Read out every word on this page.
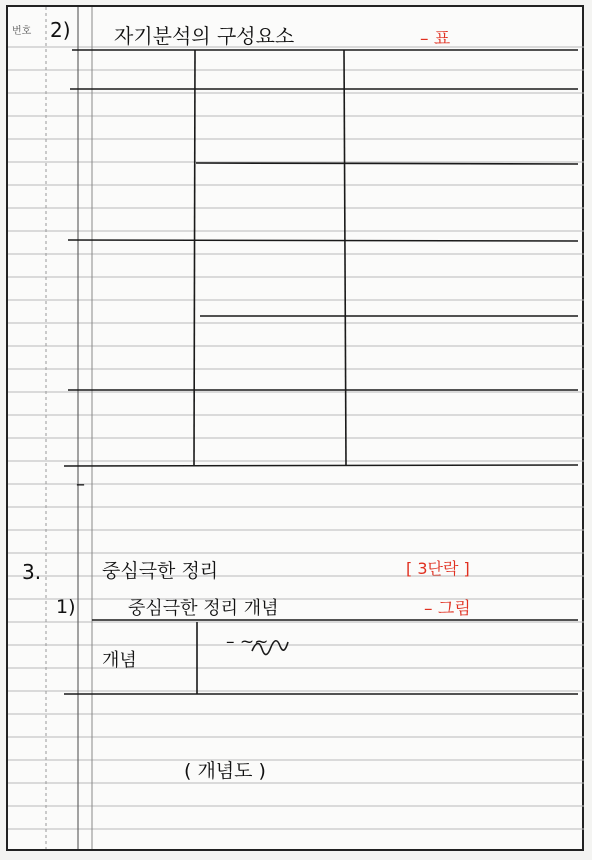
번호 2) 자기분석의 구성요소	– 표
–
3.	중심극한 정리	[ 3단락 ]
1)	중심극한 정리 개념	– 그림
개념
– ~~
( 개념도 )
